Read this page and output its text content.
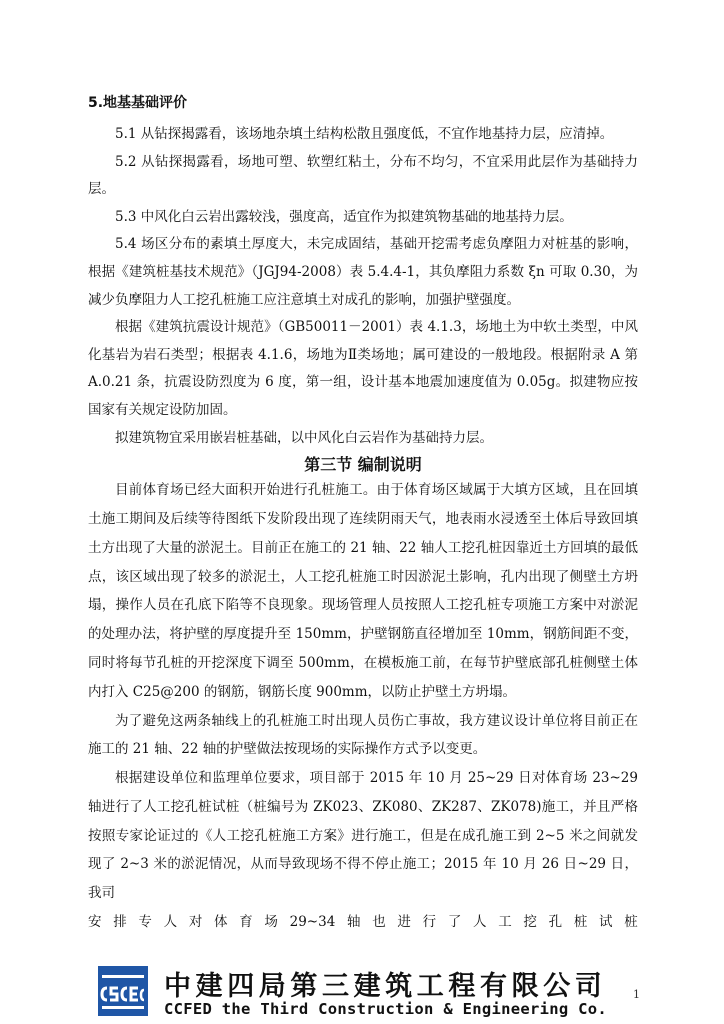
5.地基基础评价

5.1 从钻探揭露看，该场地杂填土结构松散且强度低，不宜作地基持力层，应清掉。

5.2 从钻探揭露看，场地可塑、软塑红粘土，分布不均匀，不宜采用此层作为基础持力层。

5.3 中风化白云岩出露较浅，强度高，适宜作为拟建筑物基础的地基持力层。

5.4 场区分布的素填土厚度大，未完成固结，基础开挖需考虑负摩阻力对桩基的影响，根据《建筑桩基技术规范》（JGJ94-2008）表 5.4.4-1，其负摩阻力系数 ξn 可取 0.30，为减少负摩阻力人工挖孔桩施工应注意填土对成孔的影响，加强护壁强度。

根据《建筑抗震设计规范》（GB50011－2001）表 4.1.3，场地土为中软土类型，中风化基岩为岩石类型；根据表 4.1.6，场地为Ⅱ类场地；属可建设的一般地段。根据附录 A 第 A.0.21 条，抗震设防烈度为 6 度，第一组，设计基本地震加速度值为 0.05g。拟建物应按国家有关规定设防加固。

拟建筑物宜采用嵌岩桩基础，以中风化白云岩作为基础持力层。

第三节 编制说明

目前体育场已经大面积开始进行孔桩施工。由于体育场区域属于大填方区域，且在回填土施工期间及后续等待图纸下发阶段出现了连续阴雨天气，地表雨水浸透至土体后导致回填土方出现了大量的淤泥土。目前正在施工的 21 轴、22 轴人工挖孔桩因靠近土方回填的最低点，该区域出现了较多的淤泥土，人工挖孔桩施工时因淤泥土影响，孔内出现了侧壁土方坍塌，操作人员在孔底下陷等不良现象。现场管理人员按照人工挖孔桩专项施工方案中对淤泥的处理办法，将护壁的厚度提升至 150mm，护壁钢筋直径增加至 10mm，钢筋间距不变，同时将每节孔桩的开挖深度下调至 500mm，在模板施工前，在每节护壁底部孔桩侧壁土体内打入 C25@200 的钢筋，钢筋长度 900mm，以防止护壁土方坍塌。

为了避免这两条轴线上的孔桩施工时出现人员伤亡事故，我方建议设计单位将目前正在施工的 21 轴、22 轴的护壁做法按现场的实际操作方式予以变更。

根据建设单位和监理单位要求，项目部于 2015 年 10 月 25~29 日对体育场 23~29 轴进行了人工挖孔桩试桩（桩编号为 ZK023、ZK080、ZK287、ZK078)施工，并且严格按照专家论证过的《人工挖孔桩施工方案》进行施工，但是在成孔施工到 2~5 米之间就发现了 2~3 米的淤泥情况，从而导致现场不得不停止施工；2015 年 10 月 26 日~29 日，我司

安 排 专 人 对 体 育 场 29~34 轴 也 进 行 了 人 工 挖 孔 桩 试 桩
中建四局第三建筑工程有限公司
CCFED the Third Construction & Engineering Co.
1
